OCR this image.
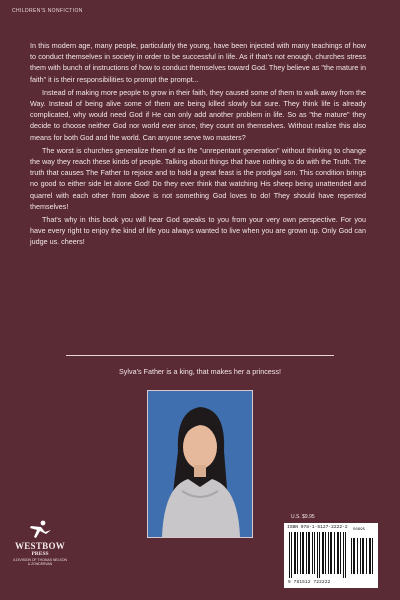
CHILDREN'S NONFICTION

In this modern age, many people, particularly the young, have been injected with many teachings of how to conduct themselves in society in order to be successful in life. As if that's not enough, churches stress them with bunch of instructions of how to conduct themselves toward God. They believe as "the mature in faith" it is their responsibilities to prompt the prompt...

Instead of making more people to grow in their faith, they caused some of them to walk away from the Way. Instead of being alive some of them are being killed slowly but sure. They think life is already complicated, why would need God if He can only add another problem in life. So as "the mature" they decide to choose neither God nor world ever since, they count on themselves. Without realize this also means for both God and the world. Can anyone serve two masters?

The worst is churches generalize them of as the "unrepentant generation" without thinking to change the way they reach these kinds of people. Talking about things that have nothing to do with the Truth. The truth that causes The Father to rejoice and to hold a great feast is the prodigal son. This condition brings no good to either side let alone God! Do they ever think that watching His sheep being unattended and quarrel with each other from above is not something God loves to do! They should have repented themselves!

That's why in this book you will hear God speaks to you from your very own perspective. For you have every right to enjoy the kind of life you always wanted to live when you are grown up. Only God can judge us. cheers!

Sylva's Father is a king, that makes her a princess!
WESTBOW
PRESS
A DIVISION OF THOMAS NELSON & ZONDERVAN
U.S. $9.95
ISBN 978-1-5127-2222-2 50995
9 781512 722222
